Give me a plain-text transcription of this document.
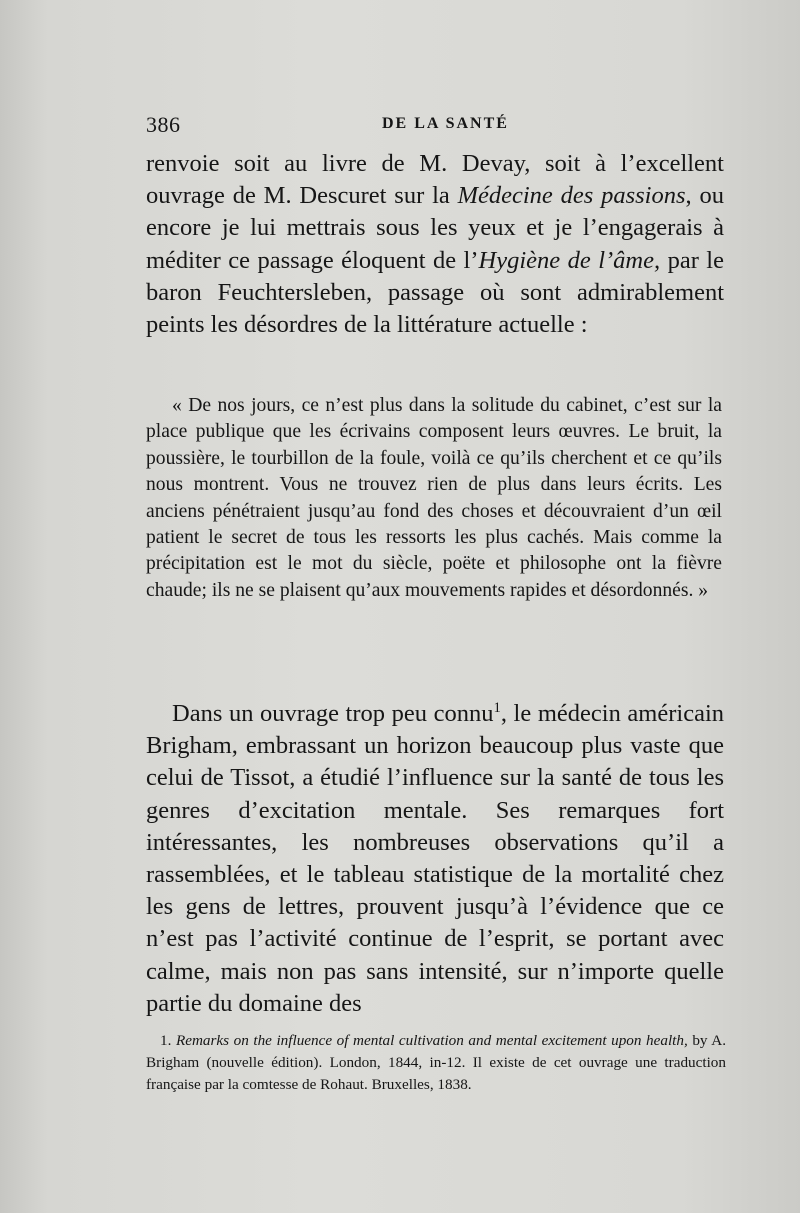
386	DE LA SANTÉ

renvoie soit au livre de M. Devay, soit à l’excellent ouvrage de M. Descuret sur la Médecine des passions, ou encore je lui mettrais sous les yeux et je l’engagerais à méditer ce passage éloquent de l’Hygiène de l’âme, par le baron Feuchtersleben, passage où sont admirablement peints les désordres de la littérature actuelle :

« De nos jours, ce n’est plus dans la solitude du cabinet, c’est sur la place publique que les écrivains composent leurs œuvres. Le bruit, la poussière, le tourbillon de la foule, voilà ce qu’ils cherchent et ce qu’ils nous montrent. Vous ne trouvez rien de plus dans leurs écrits. Les anciens pénétraient jusqu’au fond des choses et découvraient d’un œil patient le secret de tous les ressorts les plus cachés. Mais comme la précipitation est le mot du siècle, poëte et philosophe ont la fièvre chaude; ils ne se plaisent qu’aux mouvements rapides et désordonnés. »

Dans un ouvrage trop peu connu$^1$, le médecin américain Brigham, embrassant un horizon beaucoup plus vaste que celui de Tissot, a étudié l’influence sur la santé de tous les genres d’excitation mentale. Ses remarques fort intéressantes, les nombreuses observations qu’il a rassemblées, et le tableau statistique de la mortalité chez les gens de lettres, prouvent jusqu’à l’évidence que ce n’est pas l’activité continue de l’esprit, se portant avec calme, mais non pas sans intensité, sur n’importe quelle partie du domaine des

1. Remarks on the influence of mental cultivation and mental excitement upon health, by A. Brigham (nouvelle édition). London, 1844, in-12. Il existe de cet ouvrage une traduction française par la comtesse de Rohaut. Bruxelles, 1838.
